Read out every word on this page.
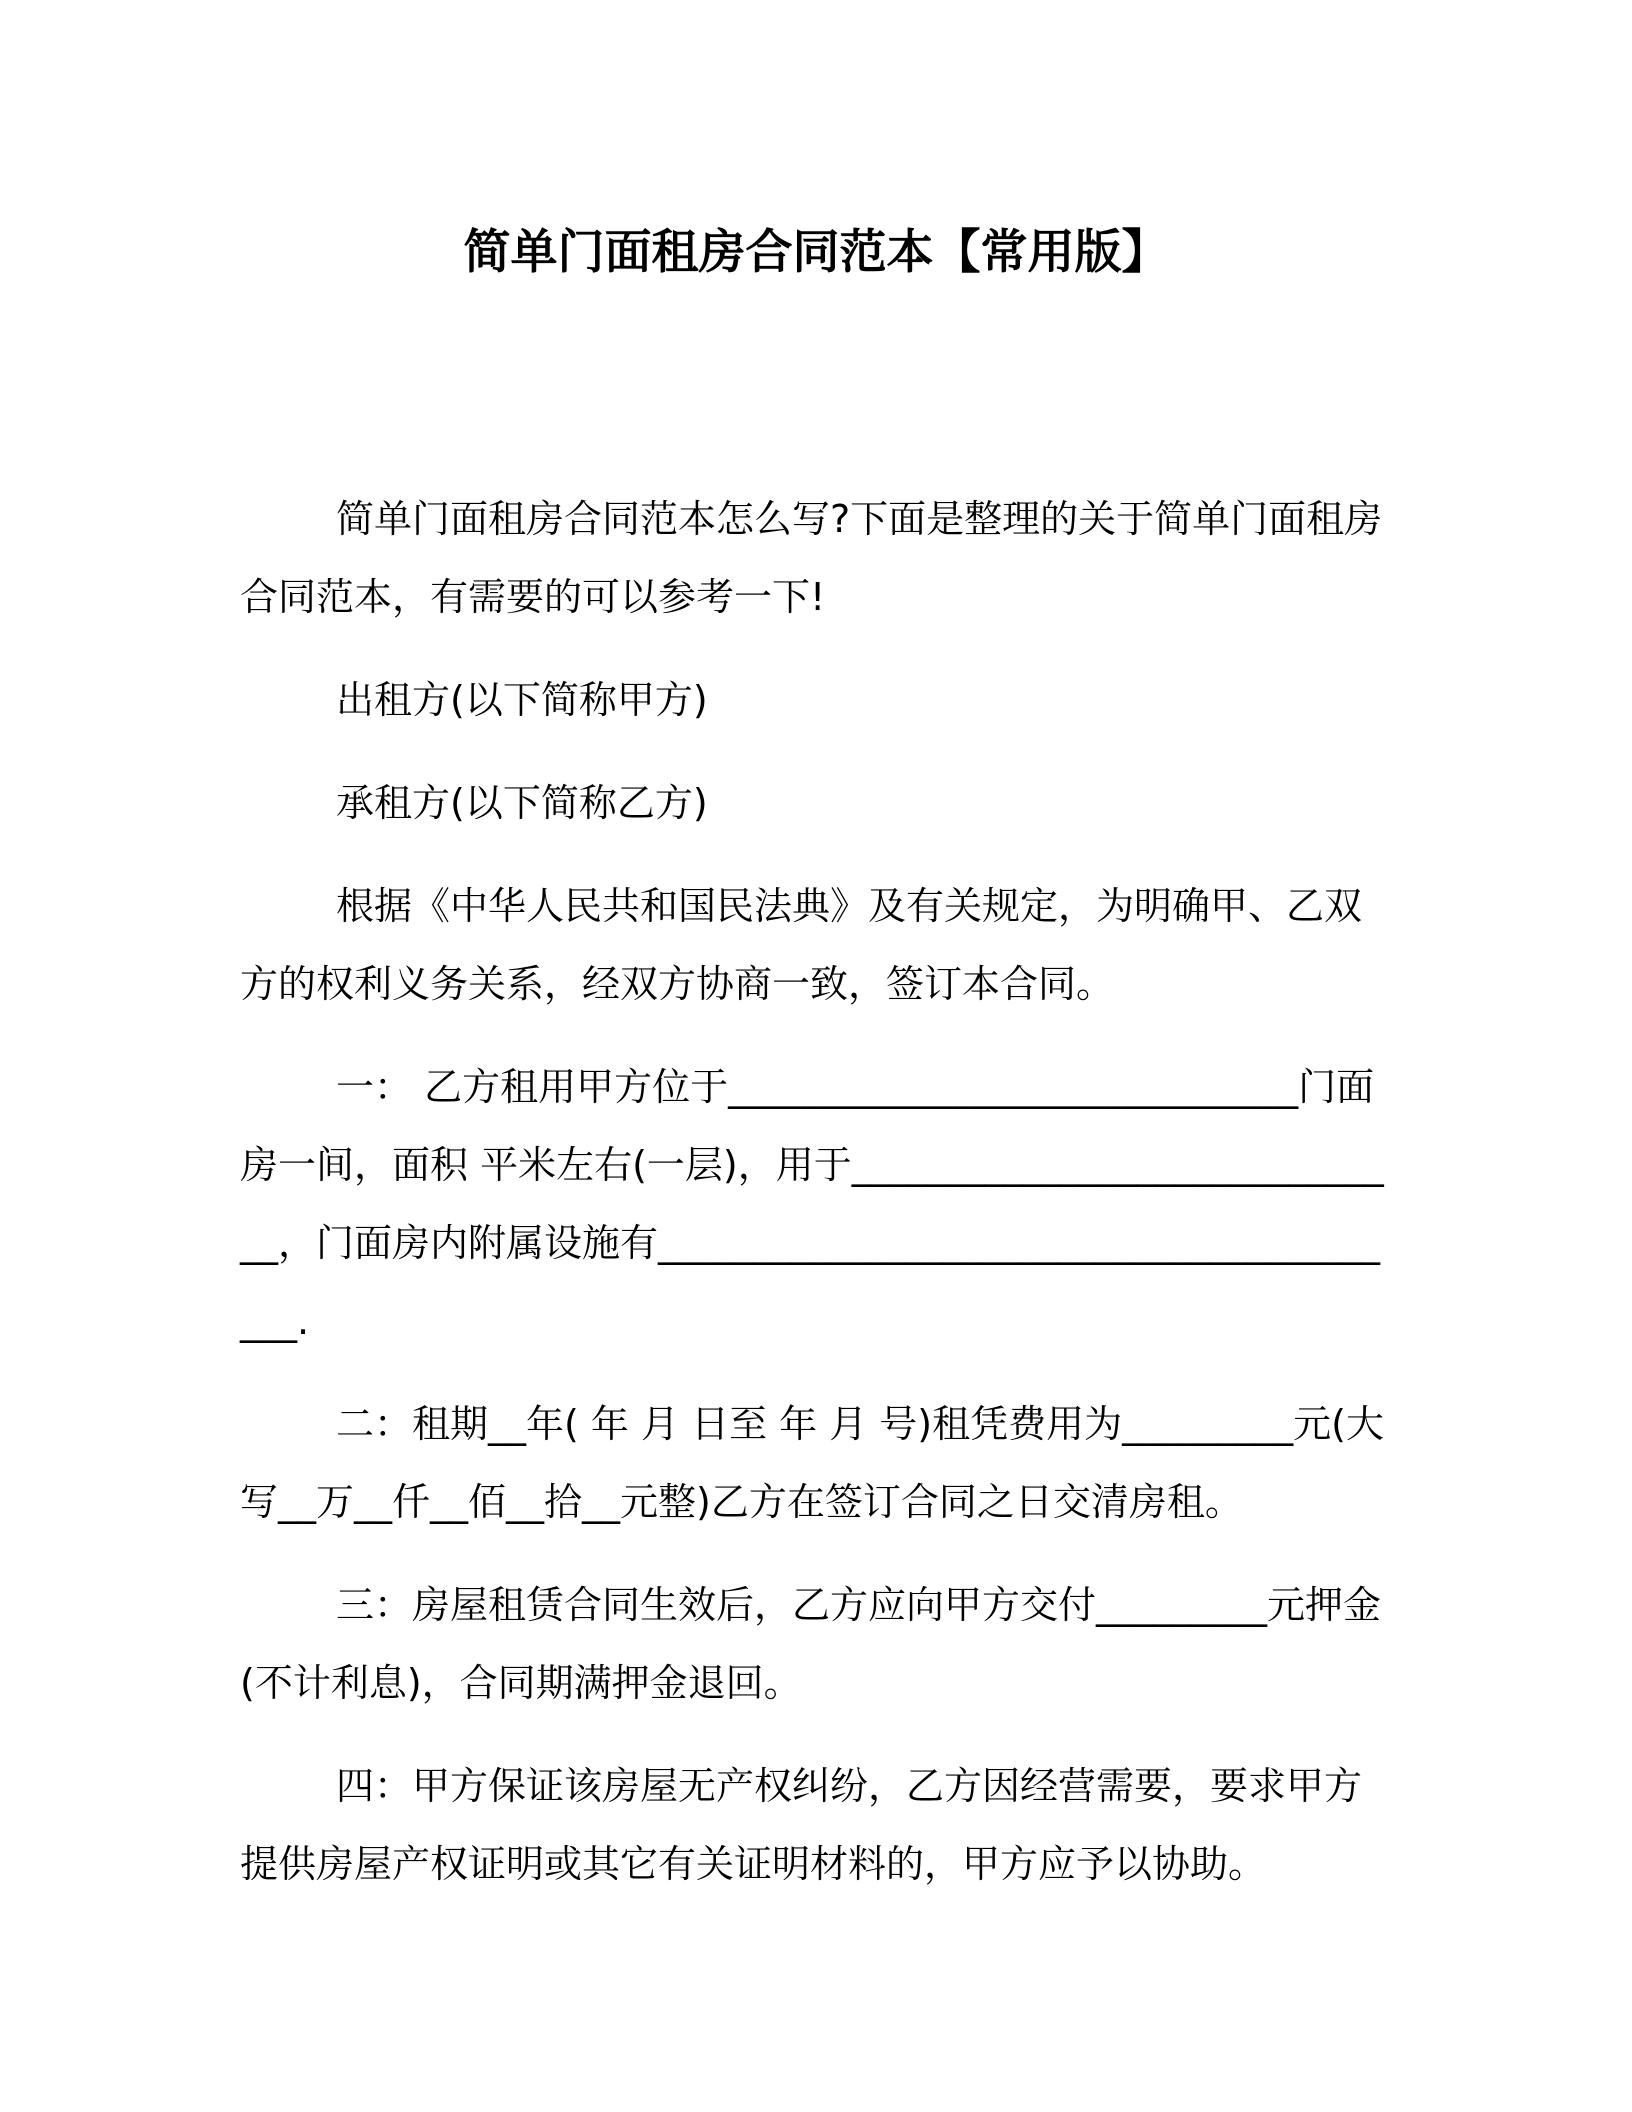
简单门面租房合同范本【常用版】

简单门面租房合同范本怎么写?下面是整理的关于简单门面租房合同范本，有需要的可以参考一下!

出租方(以下简称甲方)

承租方(以下简称乙方)

根据《中华人民共和国民法典》及有关规定，为明确甲、乙双方的权利义务关系，经双方协商一致，签订本合同。

一： 乙方租用甲方位于______________________________门面房一间，面积 平米左右(一层)，用于______________________________，门面房内附属设施有_________________________________________.

二：租期__年( 年 月 日至 年 月 号)租凭费用为_________元(大写__万__仟__佰__拾__元整)乙方在签订合同之日交清房租。

三：房屋租赁合同生效后，乙方应向甲方交付_________元押金(不计利息)，合同期满押金退回。

四：甲方保证该房屋无产权纠纷，乙方因经营需要，要求甲方提供房屋产权证明或其它有关证明材料的，甲方应予以协助。
